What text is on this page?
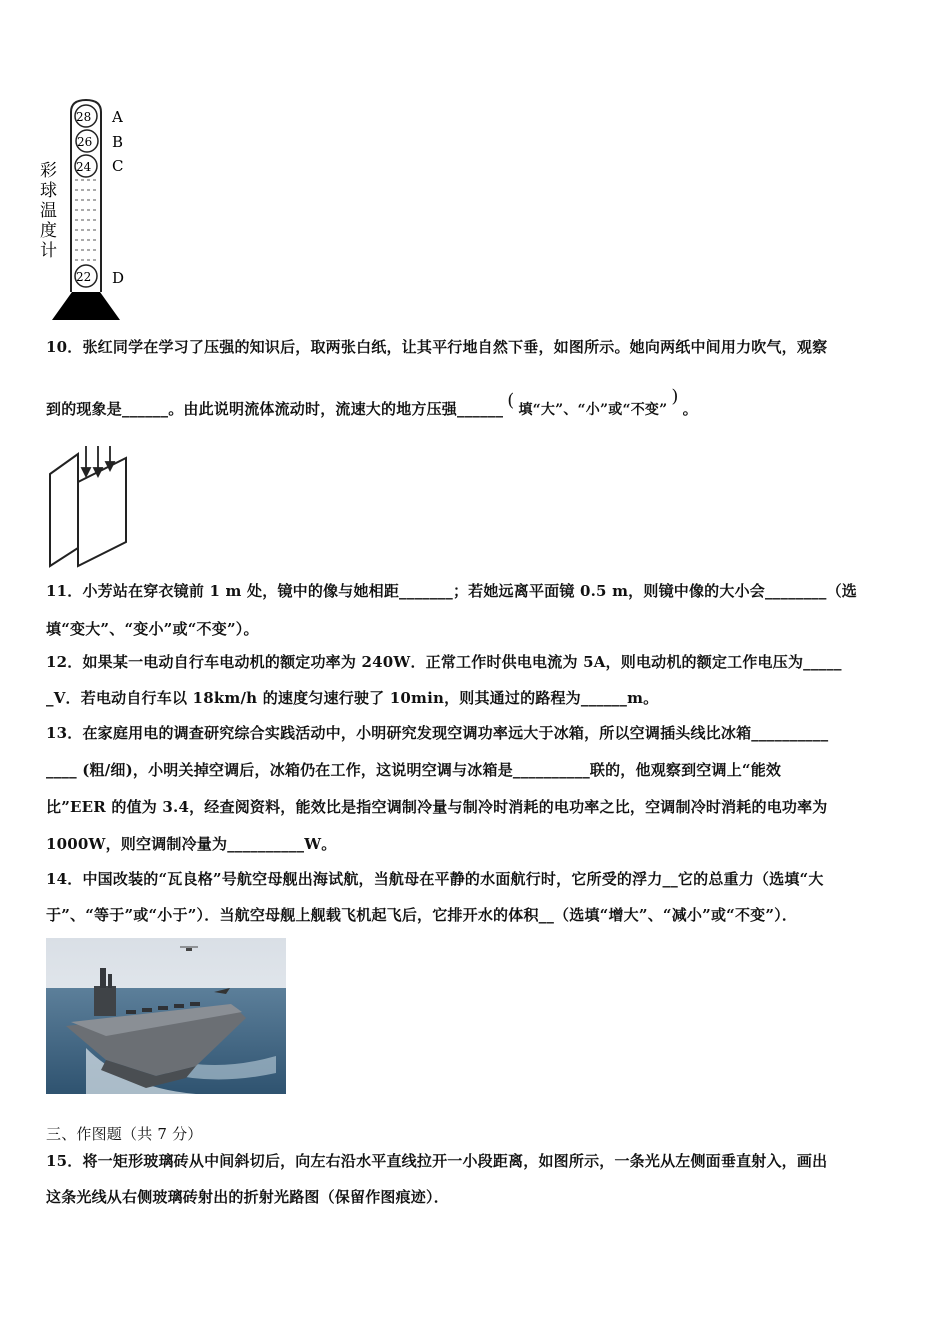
彩
球
温
度
计
28
26
24
22
A
B
C
D
10．张红同学在学习了压强的知识后，取两张白纸，让其平行地自然下垂，如图所示。她向两纸中间用力吹气，观察
到的现象是______。由此说明流体流动时，流速大的地方压强______ ( 填“大”、“小”或“不变”)。
11．小芳站在穿衣镜前 1 m 处，镜中的像与她相距_______；若她远离平面镜 0.5 m，则镜中像的大小会________（选
填“变大”、“变小”或“不变”）。
12．如果某一电动自行车电动机的额定功率为 240W．正常工作时供电电流为 5A，则电动机的额定工作电压为_____
_V．若电动自行车以 18km/h 的速度匀速行驶了 10min，则其通过的路程为______m。
13．在家庭用电的调查研究综合实践活动中，小明研究发现空调功率远大于冰箱，所以空调插头线比冰箱__________
____ (粗/细)，小明关掉空调后，冰箱仍在工作，这说明空调与冰箱是__________联的，他观察到空调上“能效
比”EER 的值为 3.4，经查阅资料，能效比是指空调制冷量与制冷时消耗的电功率之比，空调制冷时消耗的电功率为
1000W，则空调制冷量为__________W。
14．中国改装的“瓦良格”号航空母舰出海试航，当航母在平静的水面航行时，它所受的浮力__它的总重力（选填“大
于”、“等于”或“小于”）．当航空母舰上舰载飞机起飞后，它排开水的体积__（选填“增大”、“减小”或“不变”）．
三、作图题（共 7 分）
15．将一矩形玻璃砖从中间斜切后，向左右沿水平直线拉开一小段距离，如图所示，一条光从左侧面垂直射入，画出
这条光线从右侧玻璃砖射出的折射光路图（保留作图痕迹）．
